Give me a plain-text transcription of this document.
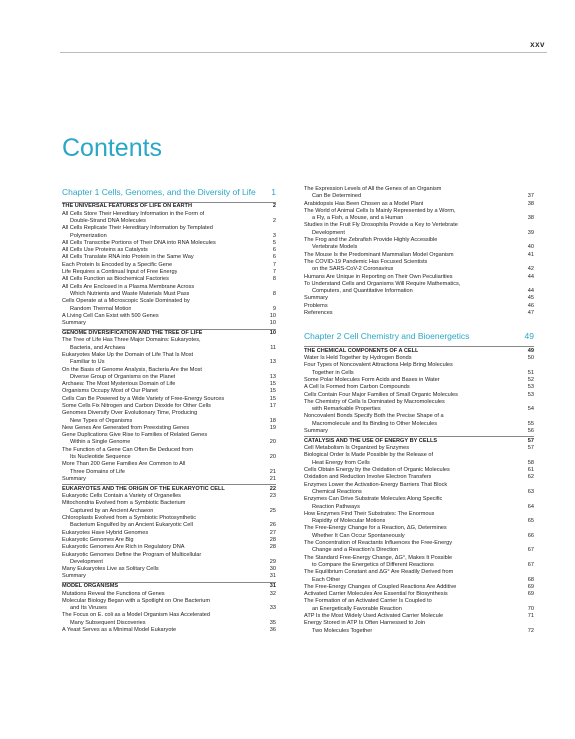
xxv
Contents
Chapter 1 Cells, Genomes, and the Diversity of Life 1
THE UNIVERSAL FEATURES OF LIFE ON EARTH	2
All Cells Store Their Hereditary Information in the Form of
Double-Strand DNA Molecules	2
All Cells Replicate Their Hereditary Information by Templated
Polymerization	3
All Cells Transcribe Portions of Their DNA into RNA Molecules	5
All Cells Use Proteins as Catalysts	6
All Cells Translate RNA into Protein in the Same Way	6
Each Protein Is Encoded by a Specific Gene	7
Life Requires a Continual Input of Free Energy	7
All Cells Function as Biochemical Factories	8
All Cells Are Enclosed in a Plasma Membrane Across
Which Nutrients and Waste Materials Must Pass	8
Cells Operate at a Microscopic Scale Dominated by
Random Thermal Motion	9
A Living Cell Can Exist with 500 Genes	10
Summary	10
GENOME DIVERSIFICATION AND THE TREE OF LIFE	10
The Tree of Life Has Three Major Domains: Eukaryotes,
Bacteria, and Archaea	11
Eukaryotes Make Up the Domain of Life That Is Most
Familiar to Us	13
On the Basis of Genome Analysis, Bacteria Are the Most
Diverse Group of Organisms on the Planet	13
Archaea: The Most Mysterious Domain of Life	15
Organisms Occupy Most of Our Planet	15
Cells Can Be Powered by a Wide Variety of Free-Energy Sources	15
Some Cells Fix Nitrogen and Carbon Dioxide for Other Cells	17
Genomes Diversify Over Evolutionary Time, Producing
New Types of Organisms	18
New Genes Are Generated from Preexisting Genes	19
Gene Duplications Give Rise to Families of Related Genes
Within a Single Genome	20
The Function of a Gene Can Often Be Deduced from
Its Nucleotide Sequence	20
More Than 200 Gene Families Are Common to All
Three Domains of Life	21
Summary	21
EUKARYOTES AND THE ORIGIN OF THE EUKARYOTIC CELL	22
Eukaryotic Cells Contain a Variety of Organelles	23
Mitochondria Evolved from a Symbiotic Bacterium
Captured by an Ancient Archaeon	25
Chloroplasts Evolved from a Symbiotic Photosynthetic
Bacterium Engulfed by an Ancient Eukaryotic Cell	26
Eukaryotes Have Hybrid Genomes	27
Eukaryotic Genomes Are Big	28
Eukaryotic Genomes Are Rich in Regulatory DNA	28
Eukaryotic Genomes Define the Program of Multicellular
Development	29
Many Eukaryotes Live as Solitary Cells	30
Summary	31
MODEL ORGANISMS	31
Mutations Reveal the Functions of Genes	32
Molecular Biology Began with a Spotlight on One Bacterium
and Its Viruses	33
The Focus on E. coli as a Model Organism Has Accelerated
Many Subsequent Discoveries	35
A Yeast Serves as a Minimal Model Eukaryote	36
The Expression Levels of All the Genes of an Organism
Can Be Determined	37
Arabidopsis Has Been Chosen as a Model Plant	38
The World of Animal Cells Is Mainly Represented by a Worm,
a Fly, a Fish, a Mouse, and a Human	38
Studies in the Fruit Fly Drosophila Provide a Key to Vertebrate
Development	39
The Frog and the Zebrafish Provide Highly Accessible
Vertebrate Models	40
The Mouse Is the Predominant Mammalian Model Organism	41
The COVID-19 Pandemic Has Focused Scientists
on the SARS-CoV-2 Coronavirus	42
Humans Are Unique in Reporting on Their Own Peculiarities	44
To Understand Cells and Organisms Will Require Mathematics,
Computers, and Quantitative Information	44
Summary	45
Problems	46
References	47
Chapter 2 Cell Chemistry and Bioenergetics	49
THE CHEMICAL COMPONENTS OF A CELL	49
Water Is Held Together by Hydrogen Bonds	50
Four Types of Noncovalent Attractions Help Bring Molecules
Together in Cells	51
Some Polar Molecules Form Acids and Bases in Water	52
A Cell Is Formed from Carbon Compounds	53
Cells Contain Four Major Families of Small Organic Molecules	53
The Chemistry of Cells Is Dominated by Macromolecules
with Remarkable Properties	54
Noncovalent Bonds Specify Both the Precise Shape of a
Macromolecule and Its Binding to Other Molecules	55
Summary	56
CATALYSIS AND THE USE OF ENERGY BY CELLS	57
Cell Metabolism Is Organized by Enzymes	57
Biological Order Is Made Possible by the Release of
Heat Energy from Cells	58
Cells Obtain Energy by the Oxidation of Organic Molecules	61
Oxidation and Reduction Involve Electron Transfers	62
Enzymes Lower the Activation-Energy Barriers That Block
Chemical Reactions	63
Enzymes Can Drive Substrate Molecules Along Specific
Reaction Pathways	64
How Enzymes Find Their Substrates: The Enormous
Rapidity of Molecular Motions	65
The Free-Energy Change for a Reaction, ΔG, Determines
Whether It Can Occur Spontaneously	66
The Concentration of Reactants Influences the Free-Energy
Change and a Reaction's Direction	67
The Standard Free-Energy Change, ΔG°, Makes It Possible
to Compare the Energetics of Different Reactions	67
The Equilibrium Constant and ΔG° Are Readily Derived from
Each Other	68
The Free-Energy Changes of Coupled Reactions Are Additive	69
Activated Carrier Molecules Are Essential for Biosynthesis	69
The Formation of an Activated Carrier Is Coupled to
an Energetically Favorable Reaction	70
ATP Is the Most Widely Used Activated Carrier Molecule	71
Energy Stored in ATP Is Often Harnessed to Join
Two Molecules Together	72
